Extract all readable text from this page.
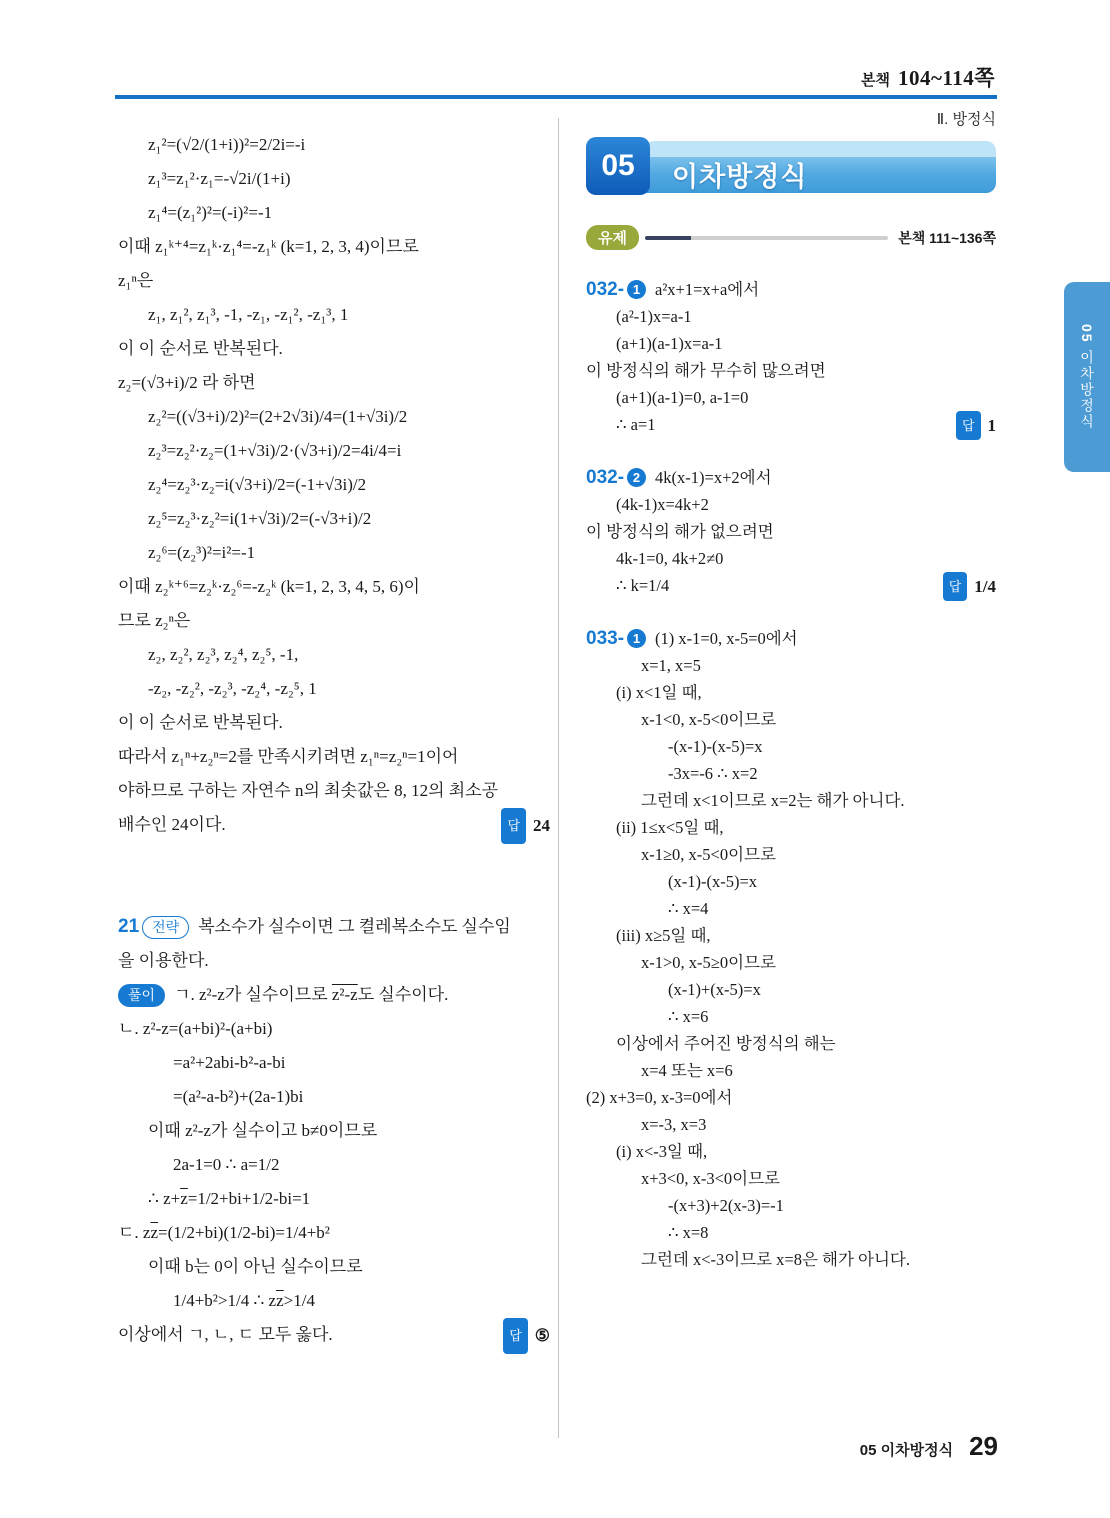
본책 104~114쪽
z₁²=(√2/(1+i))²=2/2i=-i
z₁³=z₁²·z₁=-√2i/(1+i)
z₁⁴=(z₁²)²=(-i)²=-1
이때 z₁ᵏ⁺⁴=z₁ᵏ·z₁⁴=-z₁ᵏ (k=1, 2, 3, 4)이므로
z₁ⁿ은
z₁, z₁², z₁³, -1, -z₁, -z₁², -z₁³, 1
이 이 순서로 반복된다.
z₂=(√3+i)/2 라 하면
z₂²=((√3+i)/2)²=(2+2√3i)/4=(1+√3i)/2
z₂³=z₂²·z₂=(1+√3i)/2·(√3+i)/2=4i/4=i
z₂⁴=z₂³·z₂=i(√3+i)/2=(-1+√3i)/2
z₂⁵=z₂³·z₂²=i(1+√3i)/2=(-√3+i)/2
z₂⁶=(z₂³)²=i²=-1
이때 z₂ᵏ⁺⁶=z₂ᵏ·z₂⁶=-z₂ᵏ (k=1, 2, 3, 4, 5, 6)이
므로 z₂ⁿ은
z₂, z₂², z₂³, z₂⁴, z₂⁵, -1,
-z₂, -z₂², -z₂³, -z₂⁴, -z₂⁵, 1
이 이 순서로 반복된다.
따라서 z₁ⁿ+z₂ⁿ=2를 만족시키려면 z₁ⁿ=z₂ⁿ=1이어
야하므로 구하는 자연수 n의 최솟값은 8, 12의 최소공
배수인 24이다.	답 24
21 전략	복소수가 실수이면 그 켤레복소수도 실수임
을 이용한다.
풀이	ㄱ. z²-z가 실수이므로 z²-z도 실수이다.
ㄴ. z²-z=(a+bi)²-(a+bi)
=a²+2abi-b²-a-bi
=(a²-a-b²)+(2a-1)bi
이때 z²-z가 실수이고 b≠0이므로
2a-1=0 ∴ a=1/2
∴ $z+\overline{z}=1/2+bi+1/2-bi=1$
ㄷ. $z\overline{z}=(1/2+bi)(1/2-bi)=1/4+b^2$
이때 b는 0이 아닌 실수이므로
1/4+b²>1/4 ∴ $z\overline{z}>1/4$
이상에서 ㄱ, ㄴ, ㄷ 모두 옳다.	답 ⑤
Ⅱ. 방정식
05	이차방정식
유제	본책 111~136쪽
032- 1 a²x+1=x+a에서
(a²-1)x=a-1
(a+1)(a-1)x=a-1
이 방정식의 해가 무수히 많으려면
(a+1)(a-1)=0, a-1=0
∴ a=1	답 1
032- 2 4k(x-1)=x+2에서
(4k-1)x=4k+2
이 방정식의 해가 없으려면
4k-1=0, 4k+2≠0
∴ k=1/4	답 1/4
033- 1 (1) x-1=0, x-5=0에서
x=1, x=5
(i) x<1일 때,
x-1<0, x-5<0이므로
-(x-1)-(x-5)=x
-3x=-6 ∴ x=2
그런데 x<1이므로 x=2는 해가 아니다.
(ii) 1≤x<5일 때,
x-1≥0, x-5<0이므로
(x-1)-(x-5)=x
∴ x=4
(iii) x≥5일 때,
x-1>0, x-5≥0이므로
(x-1)+(x-5)=x
∴ x=6
이상에서 주어진 방정식의 해는
x=4 또는 x=6
(2) x+3=0, x-3=0에서
x=-3, x=3
(i) x<-3일 때,
x+3<0, x-3<0이므로
-(x+3)+2(x-3)=-1
∴ x=8
그런데 x<-3이므로 x=8은 해가 아니다.
05
이차방정식
05 이차방정식 29
